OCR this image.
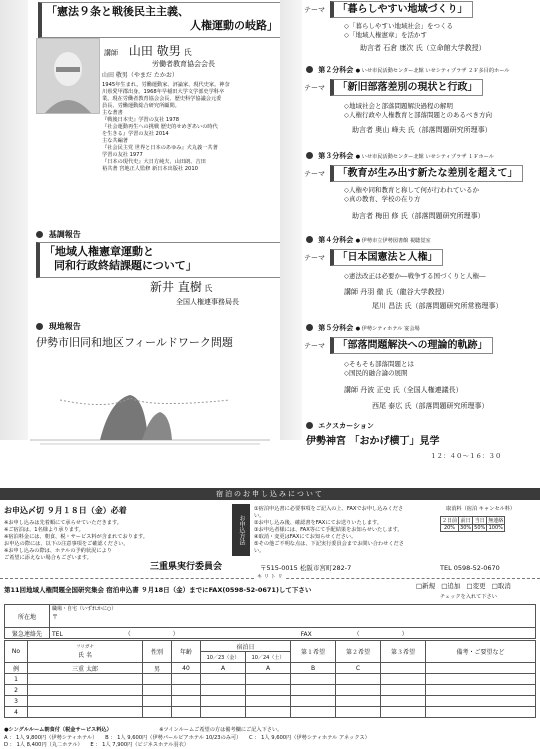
「憲法９条と戦後民主主義、
人権運動の岐路」
講師 山田 敬男 氏
労働者教育協会会長
山田 敬男（やまだ たかお）
1945年生まれ。労働運動家、評論家、現代史家。神奈
川県愛甲郡出身。1968年早稲田大学文学部史学科卒
業。現在労働者教育協会会長、歴史科学協議会元委
員長、労働運動総合研究所顧問。
主な著書
『戦後日本史』学習の友社 1978
『社会運動再生への挑戦 歴史的せめぎあいの時代
を生きる』学習の友社 2014
主な共編著
『社会民主党 世界と日本のあゆみ』犬丸義一共著
学習の友社 1977
『日本の現代史』大日方純夫、山田朗、吉田
裕共著 宮地正人監修 新日本出版社 2010
基調報告
「地域人権憲章運動と
同和行政終結課題について」
新井 直樹 氏
全国人権連事務局長
現地報告
伊勢市旧同和地区フィールドワーク問題
テーマ 「暮らしやすい地域づくり」
◇「暮らしやすい地域社会」をつくる
◇「地域人権憲章」を活かす
助言者 石倉 康次 氏（立命館大学教授）
第２分科会 ● いせ市民活動センター北館 いせシティプラザ ２Ｆ多目的ホール
テーマ 「新旧部落差別の現状と行政」
◇地域社会と部落問題解決過程の解明
◇人権行政や人権教育と部落問題とのあるべき方向
助言者 奥山 峰夫 氏（部落問題研究所理事）
第３分科会 ● いせ市民活動センター北館 いせシティプラザ １Ｆホール
テーマ 「教育が生み出す新たな差別を超えて」
◇人権や同和教育と称して何が行われているか
◇真の教育、学校の在り方
助言者 梅田 修 氏（部落問題研究所理事）
第４分科会 ● 伊勢市立伊勢図書館 視聴覚室
テーマ 「日本国憲法と人権」
◇憲法改正は必要か―戦争する国づくりと人権―
講師 丹羽 徹 氏（龍谷大学教授）
尾川 昌法 氏（部落問題研究所常務理事）
第５分科会 ● 伊勢シティホテル 宴会場
テーマ 「部落問題解決への理論的軌跡」
◇そもそも部落問題とは
◇国民的融合論の展開
講師 丹波 正史 氏（全国人権連議長）
西尾 泰広 氏（部落問題研究所理事）
エクスカーション
伊勢神宮 「おかげ横丁」見学
１２：４０〜１６：３０
宿泊のお申し込みについて
お申込〆切 ９月１８日（金）必着
※お申し込みは先着順にて承らせていただきます。
※ご宿泊は、1名様より承ります。
※宿泊料金には、朝食、税・サービス料が含まれております。
お申込の際には、以下の注意事項をご確認ください。
※お申し込みの際は、ホテルの予約状況により
ご希望に添えない場合もございます。
お申込方法
①宿泊申込書に必要事項をご記入の上、FAXでお申し込みください。
②お申し込み後、確認書をFAXにてお送りいたします。
③お申込者様には、FAX等にて手配結果をお知らせいたします。
④取消・変更はFAXにてお知らせください。
⑤その他ご不明な点は、下記実行委員会までお問い合わせください。
取消料（宿泊 キャンセル料）
２日前	前日	当日	無連絡
20%	30%	50%	100%
三重県実行委員会	〒515-0015 松阪市宮町282-7	TEL 0598-52-0670
キ リ ト リ
第11回地域人権問題全国研究集会 宿泊申込書 ９月18日（金）までにFAX(0598-52-0671)して下さい	□新規 □追加 □変更 □取消
チェックを入れて下さい
所在地	職場・自宅（いずれかに○）
〒

緊急連絡先	TEL （ ） FAX （ ）
No	フリガナ
氏 名	性別	年齢	宿泊日		第１希望	第２希望	第３希望	備考・ご要望など
				10／23（金）	10／24（土）				
例	三重 太郎	男	40	A	A	B	C		
1									
2									
3									
4									
●シングルルーム朝食付（税金サービス料込）	※ツインルームご希望の方は備考欄にご記入下さい。
A ： 1人 9,800円（伊勢シティホテル） B ： 1人 9,600円（伊勢パールピアホテル 10/23のみ可） C ： 1人 9,600円（伊勢シティホテル アネックス）
D ： 1人 8,400円（丸二ホテル） E ： 1人 7,900円（ビジネスホテル羽衣）
